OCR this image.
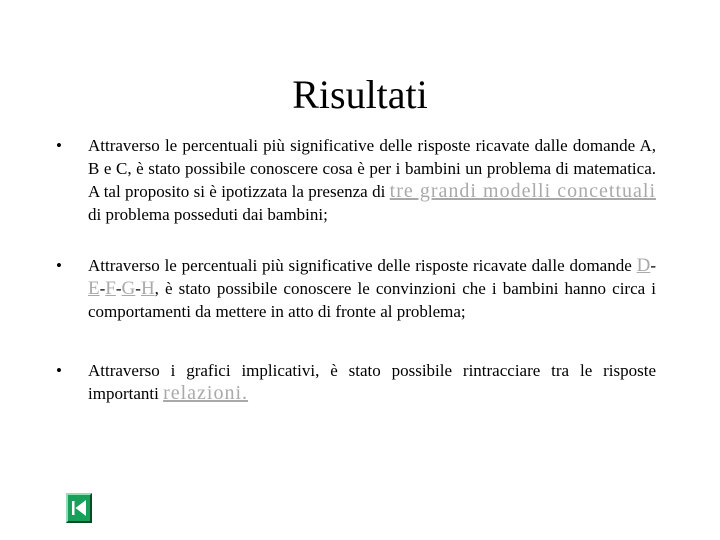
Risultati
• Attraverso le percentuali più significative delle risposte ricavate dalle domande A, B e C, è stato possibile conoscere cosa è per i bambini un problema di matematica. A tal proposito si è ipotizzata la presenza di tre grandi modelli concettuali di problema posseduti dai bambini;
• Attraverso le percentuali più significative delle risposte ricavate dalle domande D-E-F-G-H, è stato possibile conoscere le convinzioni che i bambini hanno circa i comportamenti da mettere in atto di fronte al problema;
• Attraverso i grafici implicativi, è stato possibile rintracciare tra le risposte importanti relazioni.
